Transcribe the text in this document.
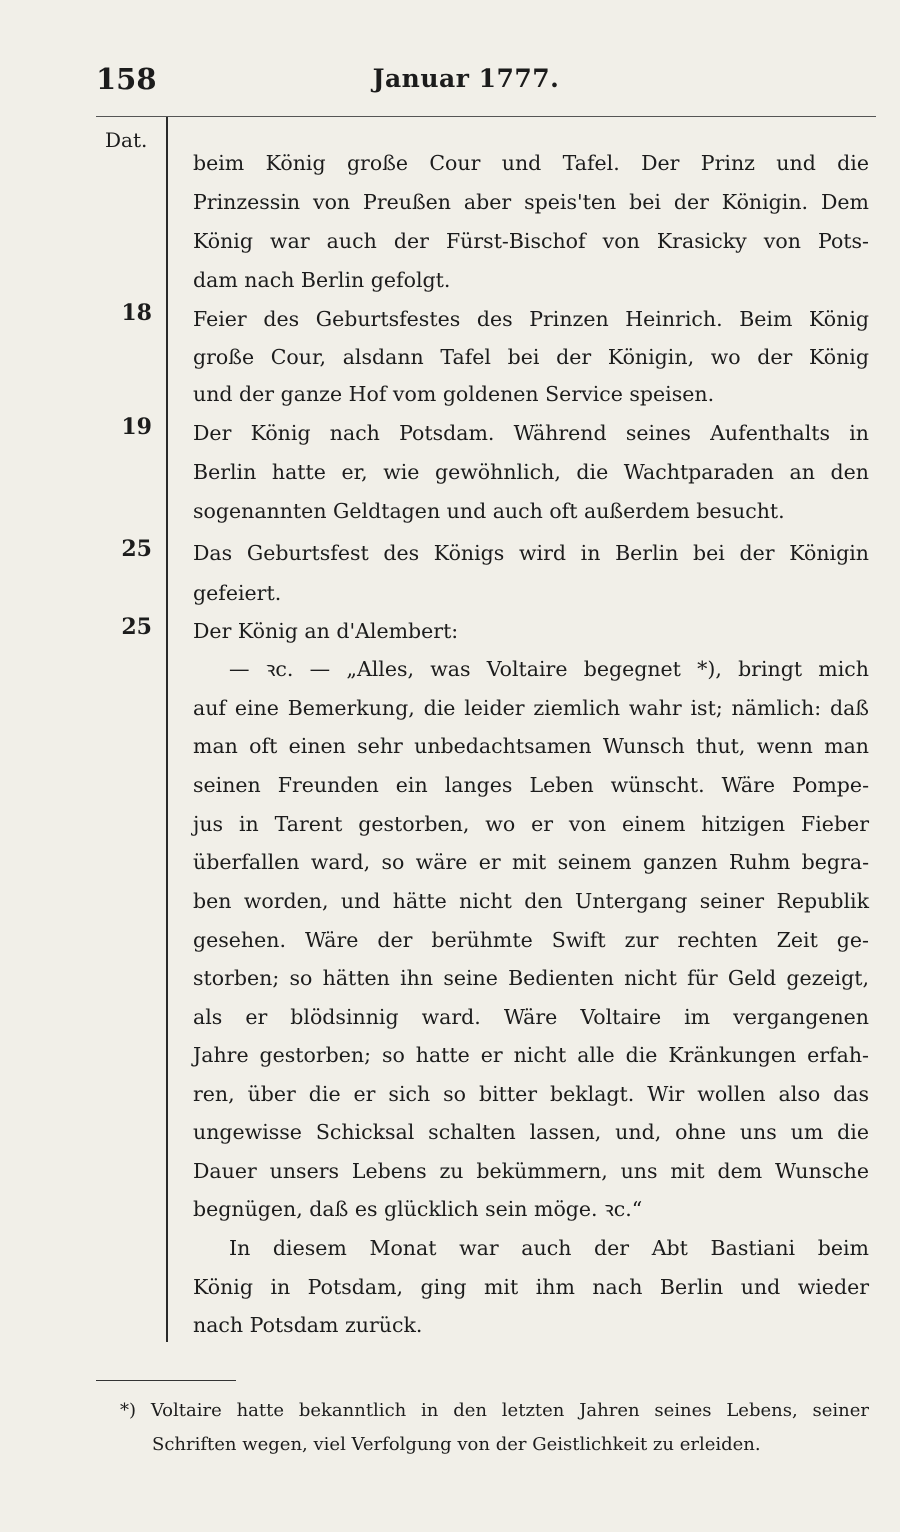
158	Januar 1777.
Dat.
18
19
25
25
beim König große Cour und Tafel. Der Prinz und die
Prinzessin von Preußen aber speis'ten bei der Königin. Dem
König war auch der Fürst-Bischof von Krasicky von Pots-
dam nach Berlin gefolgt.
Feier des Geburtsfestes des Prinzen Heinrich. Beim König
große Cour, alsdann Tafel bei der Königin, wo der König
und der ganze Hof vom goldenen Service speisen.
Der König nach Potsdam. Während seines Aufenthalts in
Berlin hatte er, wie gewöhnlich, die Wachtparaden an den
sogenannten Geldtagen und auch oft außerdem besucht.
Das Geburtsfest des Königs wird in Berlin bei der Königin
gefeiert.
Der König an d'Alembert:
— ꝛc. — „Alles, was Voltaire begegnet *), bringt mich
auf eine Bemerkung, die leider ziemlich wahr ist; nämlich: daß
man oft einen sehr unbedachtsamen Wunsch thut, wenn man
seinen Freunden ein langes Leben wünscht. Wäre Pompe-
jus in Tarent gestorben, wo er von einem hitzigen Fieber
überfallen ward, so wäre er mit seinem ganzen Ruhm begra-
ben worden, und hätte nicht den Untergang seiner Republik
gesehen. Wäre der berühmte Swift zur rechten Zeit ge-
storben; so hätten ihn seine Bedienten nicht für Geld gezeigt,
als er blödsinnig ward. Wäre Voltaire im vergangenen
Jahre gestorben; so hatte er nicht alle die Kränkungen erfah-
ren, über die er sich so bitter beklagt. Wir wollen also das
ungewisse Schicksal schalten lassen, und, ohne uns um die
Dauer unsers Lebens zu bekümmern, uns mit dem Wunsche
begnügen, daß es glücklich sein möge. ꝛc.“
In diesem Monat war auch der Abt Bastiani beim
König in Potsdam, ging mit ihm nach Berlin und wieder
nach Potsdam zurück.
*) Voltaire hatte bekanntlich in den letzten Jahren seines Lebens, seiner
Schriften wegen, viel Verfolgung von der Geistlichkeit zu erleiden.
